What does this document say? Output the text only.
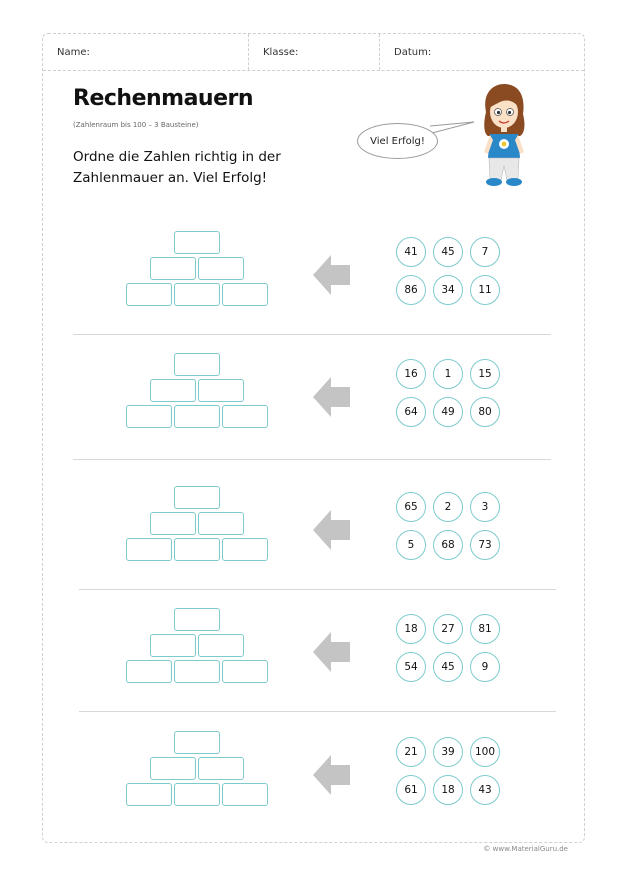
Name:	Klasse:	Datum:
Rechenmauern
(Zahlenraum bis 100 – 3 Bausteine)
Ordne die Zahlen richtig in der Zahlenmauer an. Viel Erfolg!
Viel Erfolg!
41	45	7
86	34	11
16	1	15
64	49	80
65	2	3
5	68	73
18	27	81
54	45	9
21	39	100
61	18	43
© www.MaterialGuru.de
